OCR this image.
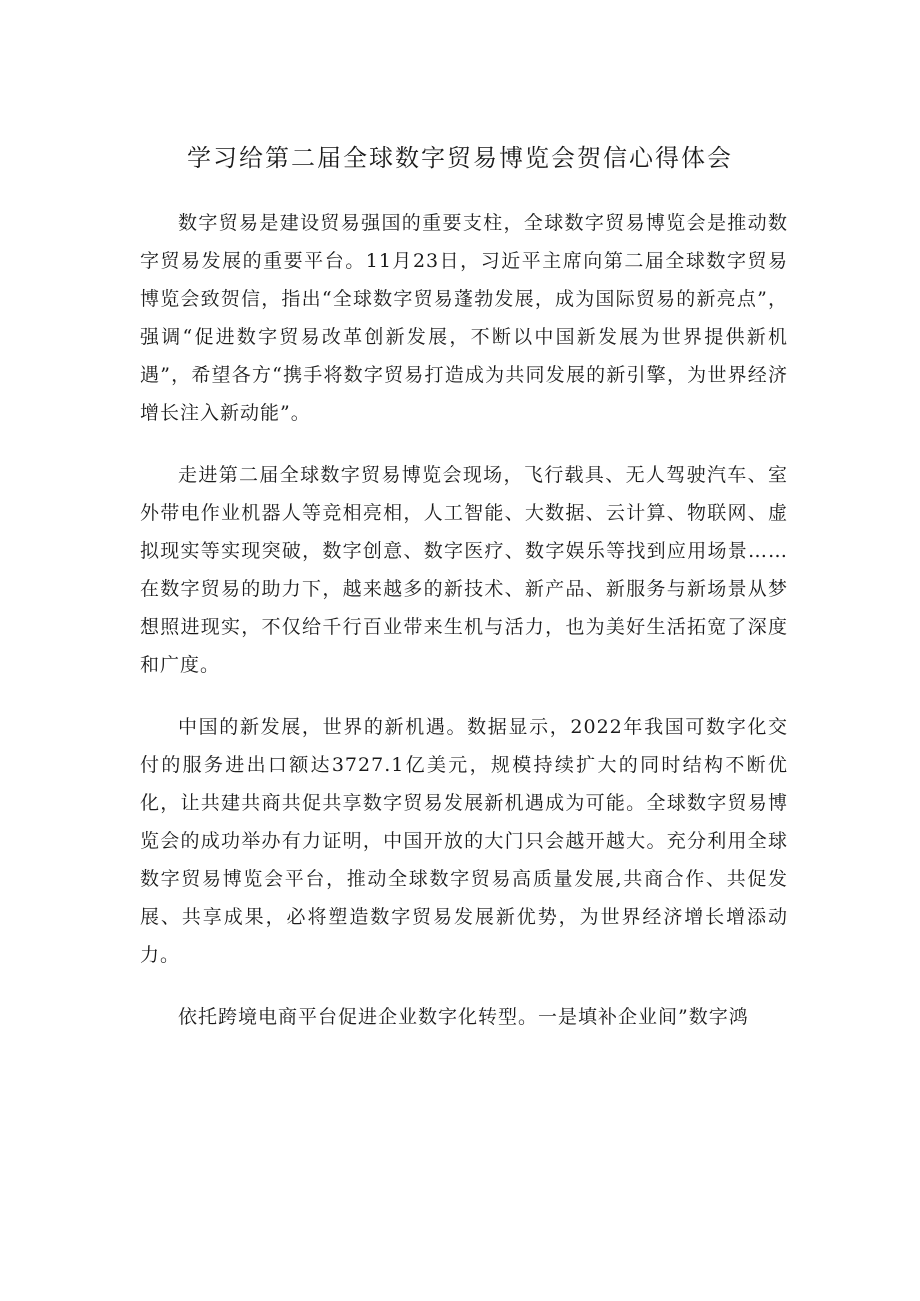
学习给第二届全球数字贸易博览会贺信心得体会

数字贸易是建设贸易强国的重要支柱，全球数字贸易博览会是推动数字贸易发展的重要平台。11月23日，习近平主席向第二届全球数字贸易博览会致贺信，指出“全球数字贸易蓬勃发展，成为国际贸易的新亮点”，强调“促进数字贸易改革创新发展，不断以中国新发展为世界提供新机遇”，希望各方“携手将数字贸易打造成为共同发展的新引擎，为世界经济增长注入新动能”。

走进第二届全球数字贸易博览会现场，飞行载具、无人驾驶汽车、室外带电作业机器人等竞相亮相，人工智能、大数据、云计算、物联网、虚拟现实等实现突破，数字创意、数字医疗、数字娱乐等找到应用场景……在数字贸易的助力下，越来越多的新技术、新产品、新服务与新场景从梦想照进现实，不仅给千行百业带来生机与活力，也为美好生活拓宽了深度和广度。

中国的新发展，世界的新机遇。数据显示，2022年我国可数字化交付的服务进出口额达3727.1亿美元，规模持续扩大的同时结构不断优化，让共建共商共促共享数字贸易发展新机遇成为可能。全球数字贸易博览会的成功举办有力证明，中国开放的大门只会越开越大。充分利用全球数字贸易博览会平台，推动全球数字贸易高质量发展,共商合作、共促发展、共享成果，必将塑造数字贸易发展新优势，为世界经济增长增添动力。

依托跨境电商平台促进企业数字化转型。一是填补企业间”数字鸿
